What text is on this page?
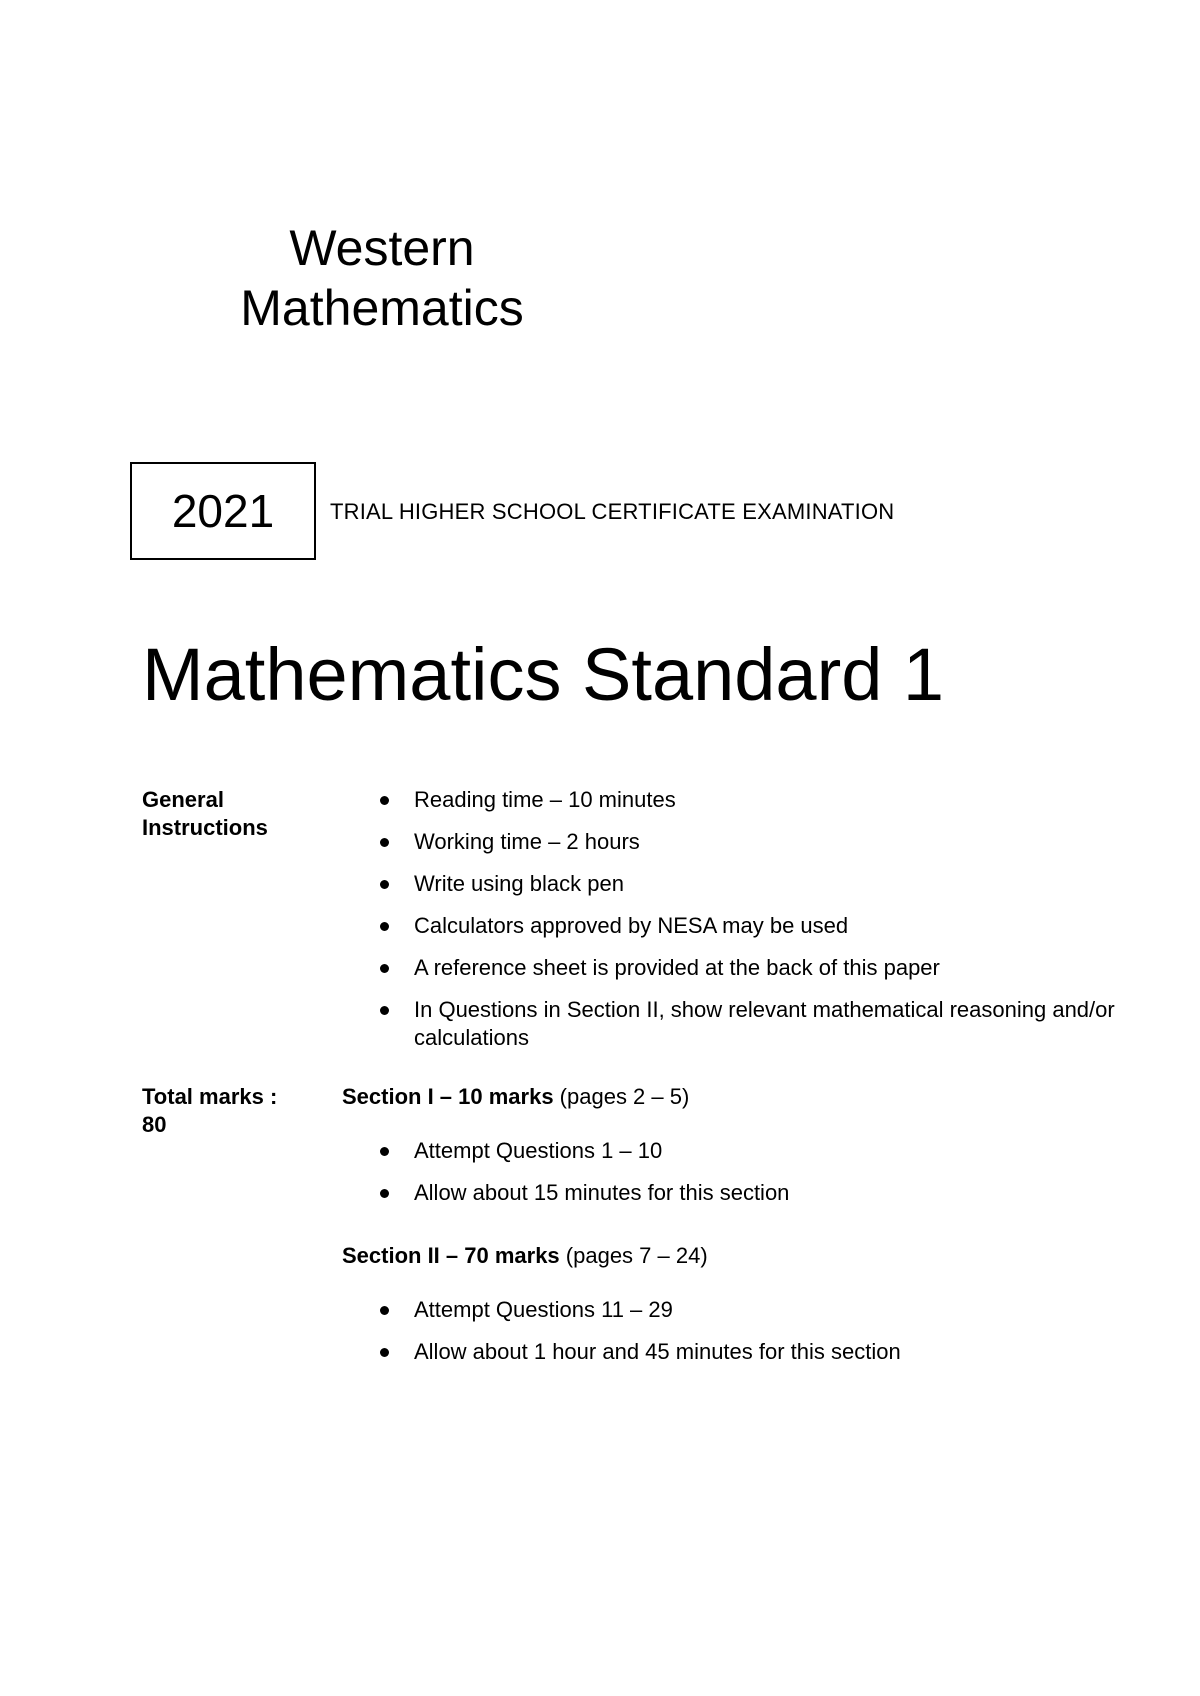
Western
Mathematics
2021	TRIAL HIGHER SCHOOL CERTIFICATE EXAMINATION
Mathematics Standard 1
General
Instructions
Reading time – 10 minutes
Working time – 2 hours
Write using black pen
Calculators approved by NESA may be used
A reference sheet is provided at the back of this paper
In Questions in Section II, show relevant mathematical reasoning and/or calculations
Total marks :
80
Section I – 10 marks (pages 2 – 5)
Attempt Questions 1 – 10
Allow about 15 minutes for this section
Section II – 70 marks (pages 7 – 24)
Attempt Questions 11 – 29
Allow about 1 hour and 45 minutes for this section
